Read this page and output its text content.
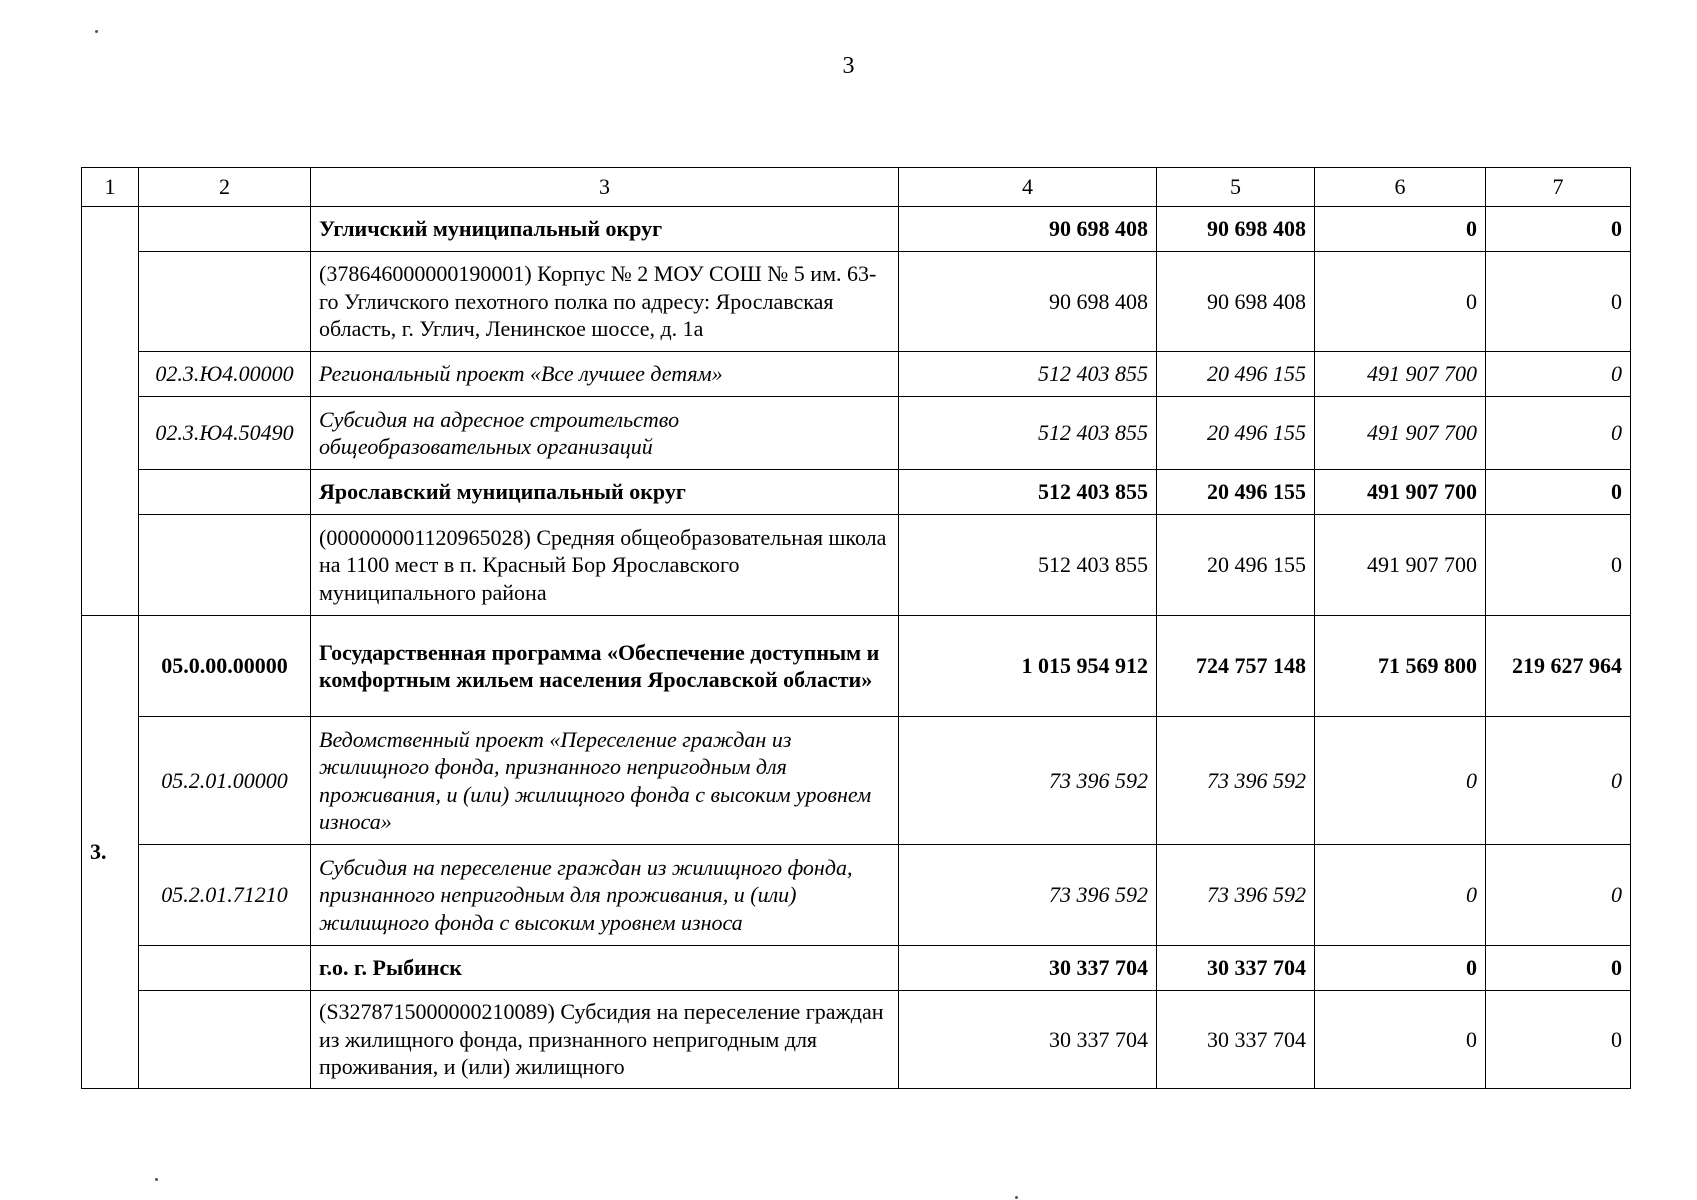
3
1	2	3	4	5	6	7
		Угличский муниципальный округ	90 698 408	90 698 408	0	0
		(378646000000190001) Корпус № 2 МОУ СОШ № 5 им. 63-го Угличского пехотного полка по адресу: Ярославская область, г. Углич, Ленинское шоссе, д. 1а	90 698 408	90 698 408	0	0
	02.3.Ю4.00000	Региональный проект «Все лучшее детям»	512 403 855	20 496 155	491 907 700	0
	02.3.Ю4.50490	Субсидия на адресное строительство общеобразовательных организаций	512 403 855	20 496 155	491 907 700	0
		Ярославский муниципальный округ	512 403 855	20 496 155	491 907 700	0
		(000000001120965028) Средняя общеобразовательная школа на 1100 мест в п. Красный Бор Ярославского муниципального района	512 403 855	20 496 155	491 907 700	0
3.	05.0.00.00000	Государственная программа «Обеспечение доступным и комфортным жильем населения Ярославской области»	1 015 954 912	724 757 148	71 569 800	219 627 964
	05.2.01.00000	Ведомственный проект «Переселение граждан из жилищного фонда, признанного непригодным для проживания, и (или) жилищного фонда с высоким уровнем износа»	73 396 592	73 396 592	0	0
	05.2.01.71210	Субсидия на переселение граждан из жилищного фонда, признанного непригодным для проживания, и (или) жилищного фонда с высоким уровнем износа	73 396 592	73 396 592	0	0
		г.о. г. Рыбинск	30 337 704	30 337 704	0	0
		(S3278715000000210089) Субсидия на переселение граждан из жилищного фонда, признанного непригодным для проживания, и (или) жилищного	30 337 704	30 337 704	0	0
